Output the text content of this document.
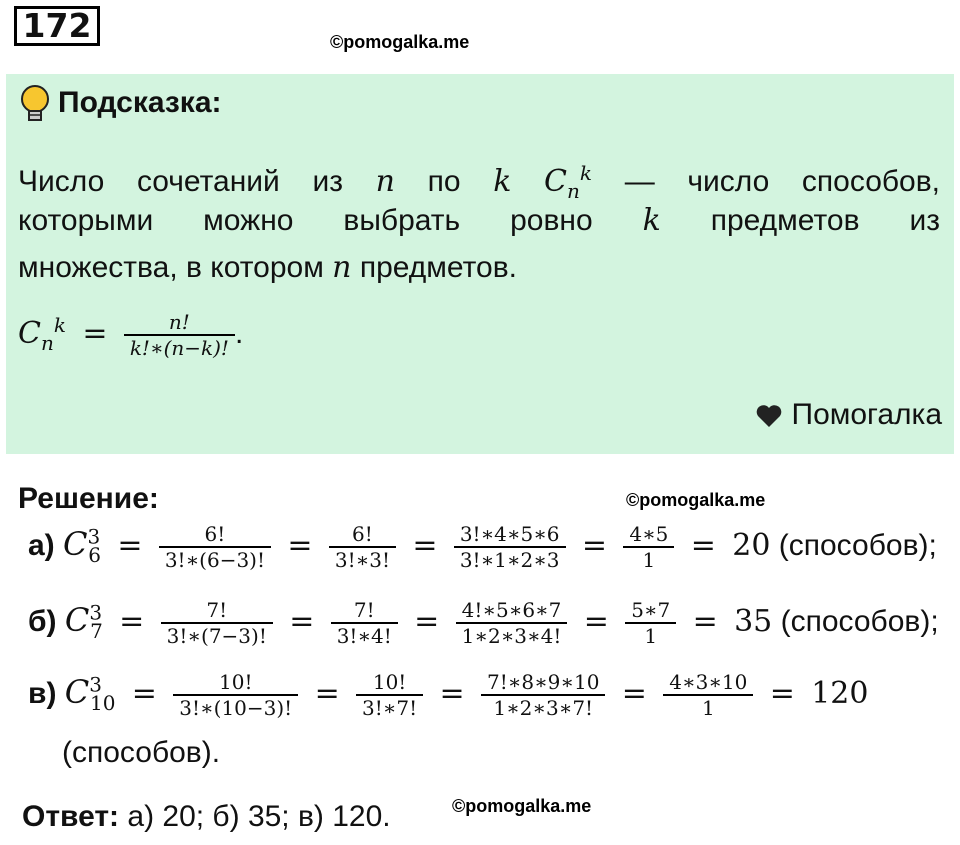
172	©pomogalka.me
Подсказка:
Число сочетаний из n по k $C_n^k$ — число способов,
которыми можно выбрать ровно k предметов из
множества, в котором n предметов.
$C_n^k = \frac{n!}{k!∗(n-k)!}$ .
Помогалка
Решение:	©pomogalka.me
а) $C^3_6 = \frac{6!}{3!∗(6-3)!} = \frac{6!}{3!∗3!} = \frac{3!∗4∗5∗6}{3!∗1∗2∗3} = \frac{4∗5}{1} = 20$ (способов);
б) $C^3_7 = \frac{7!}{3!∗(7-3)!} = \frac{7!}{3!∗4!} = \frac{4!∗5∗6∗7}{1∗2∗3∗4!} = \frac{5∗7}{1} = 35$ (способов);
в) $C^3_{10} = \frac{10!}{3!∗(10-3)!} = \frac{10!}{3!∗7!} = \frac{7!∗8∗9∗10}{1∗2∗3∗7!} = \frac{4∗3∗10}{1} = 120$
(способов).
Ответ: а) 20; б) 35; в) 120.	©pomogalka.me
